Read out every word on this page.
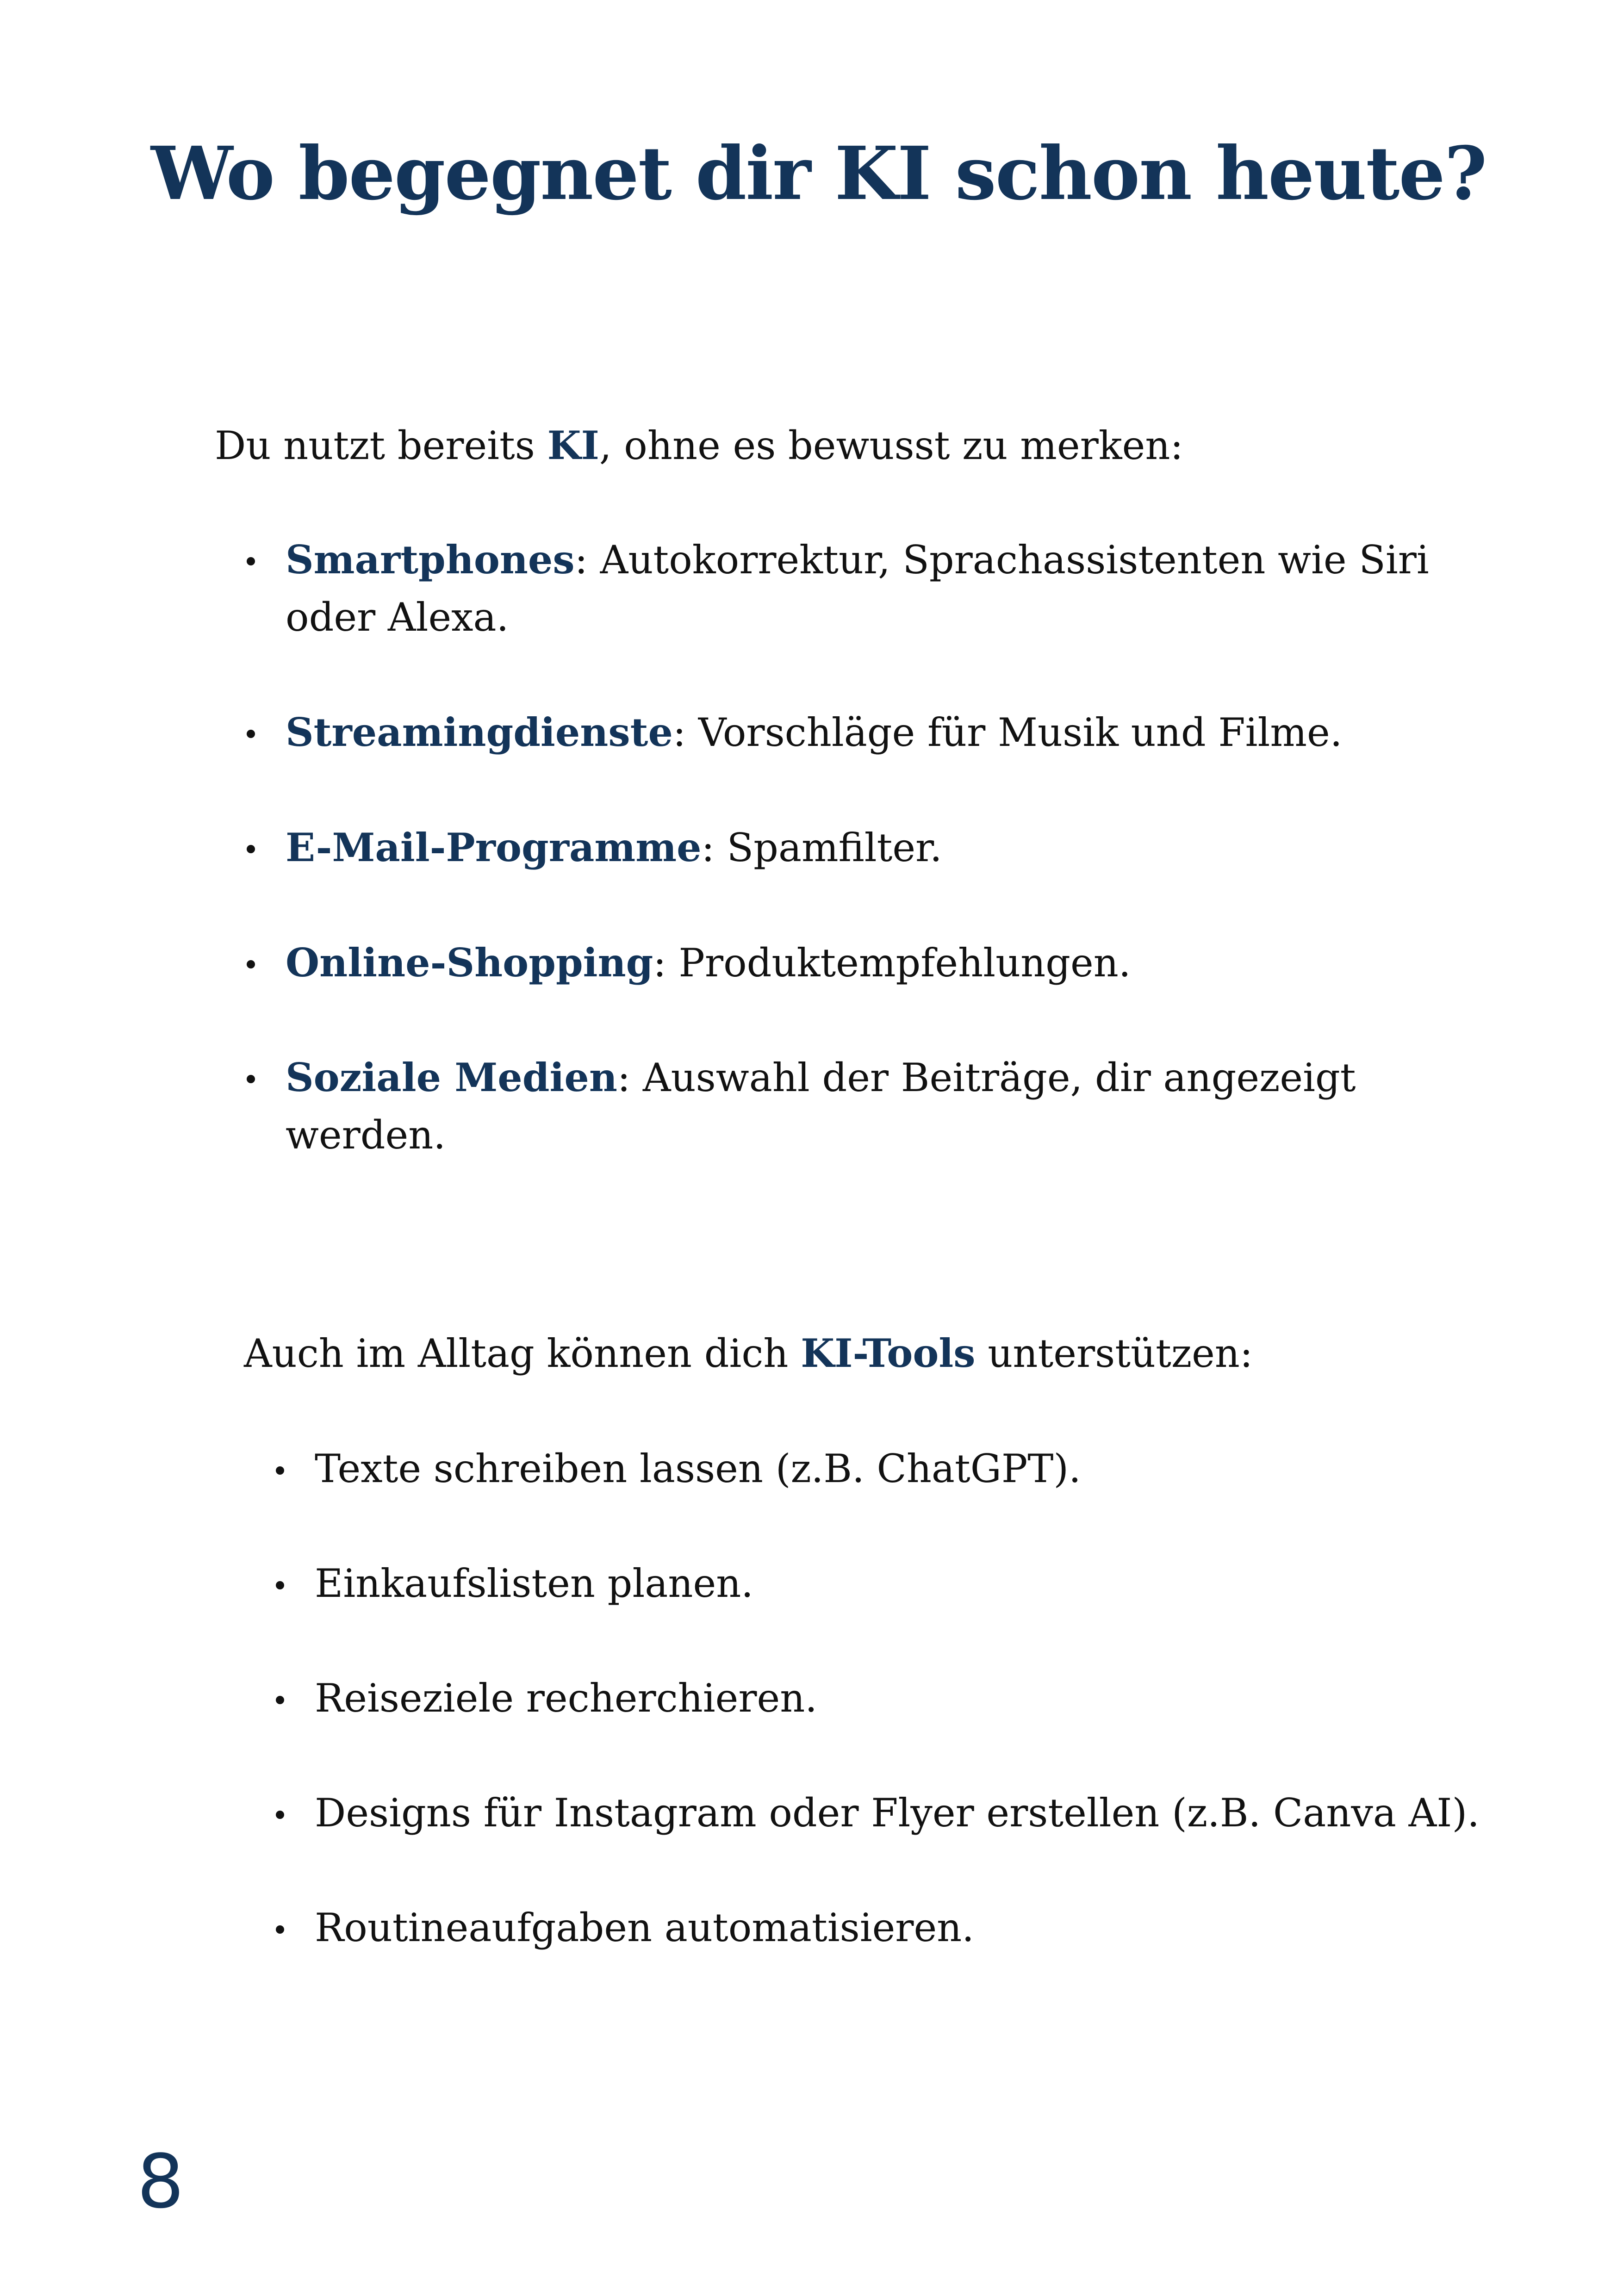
Wo begegnet dir KI schon heute?

Du nutzt bereits KI, ohne es bewusst zu merken:

Smartphones: Autokorrektur, Sprachassistenten wie Siri oder Alexa.
Streamingdienste: Vorschläge für Musik und Filme.
E-Mail-Programme: Spamfilter.
Online-Shopping: Produktempfehlungen.
Soziale Medien: Auswahl der Beiträge, dir angezeigt werden.

Auch im Alltag können dich KI-Tools unterstützen:

Texte schreiben lassen (z.B. ChatGPT).
Einkaufslisten planen.
Reiseziele recherchieren.
Designs für Instagram oder Flyer erstellen (z.B. Canva AI).
Routineaufgaben automatisieren.

8
